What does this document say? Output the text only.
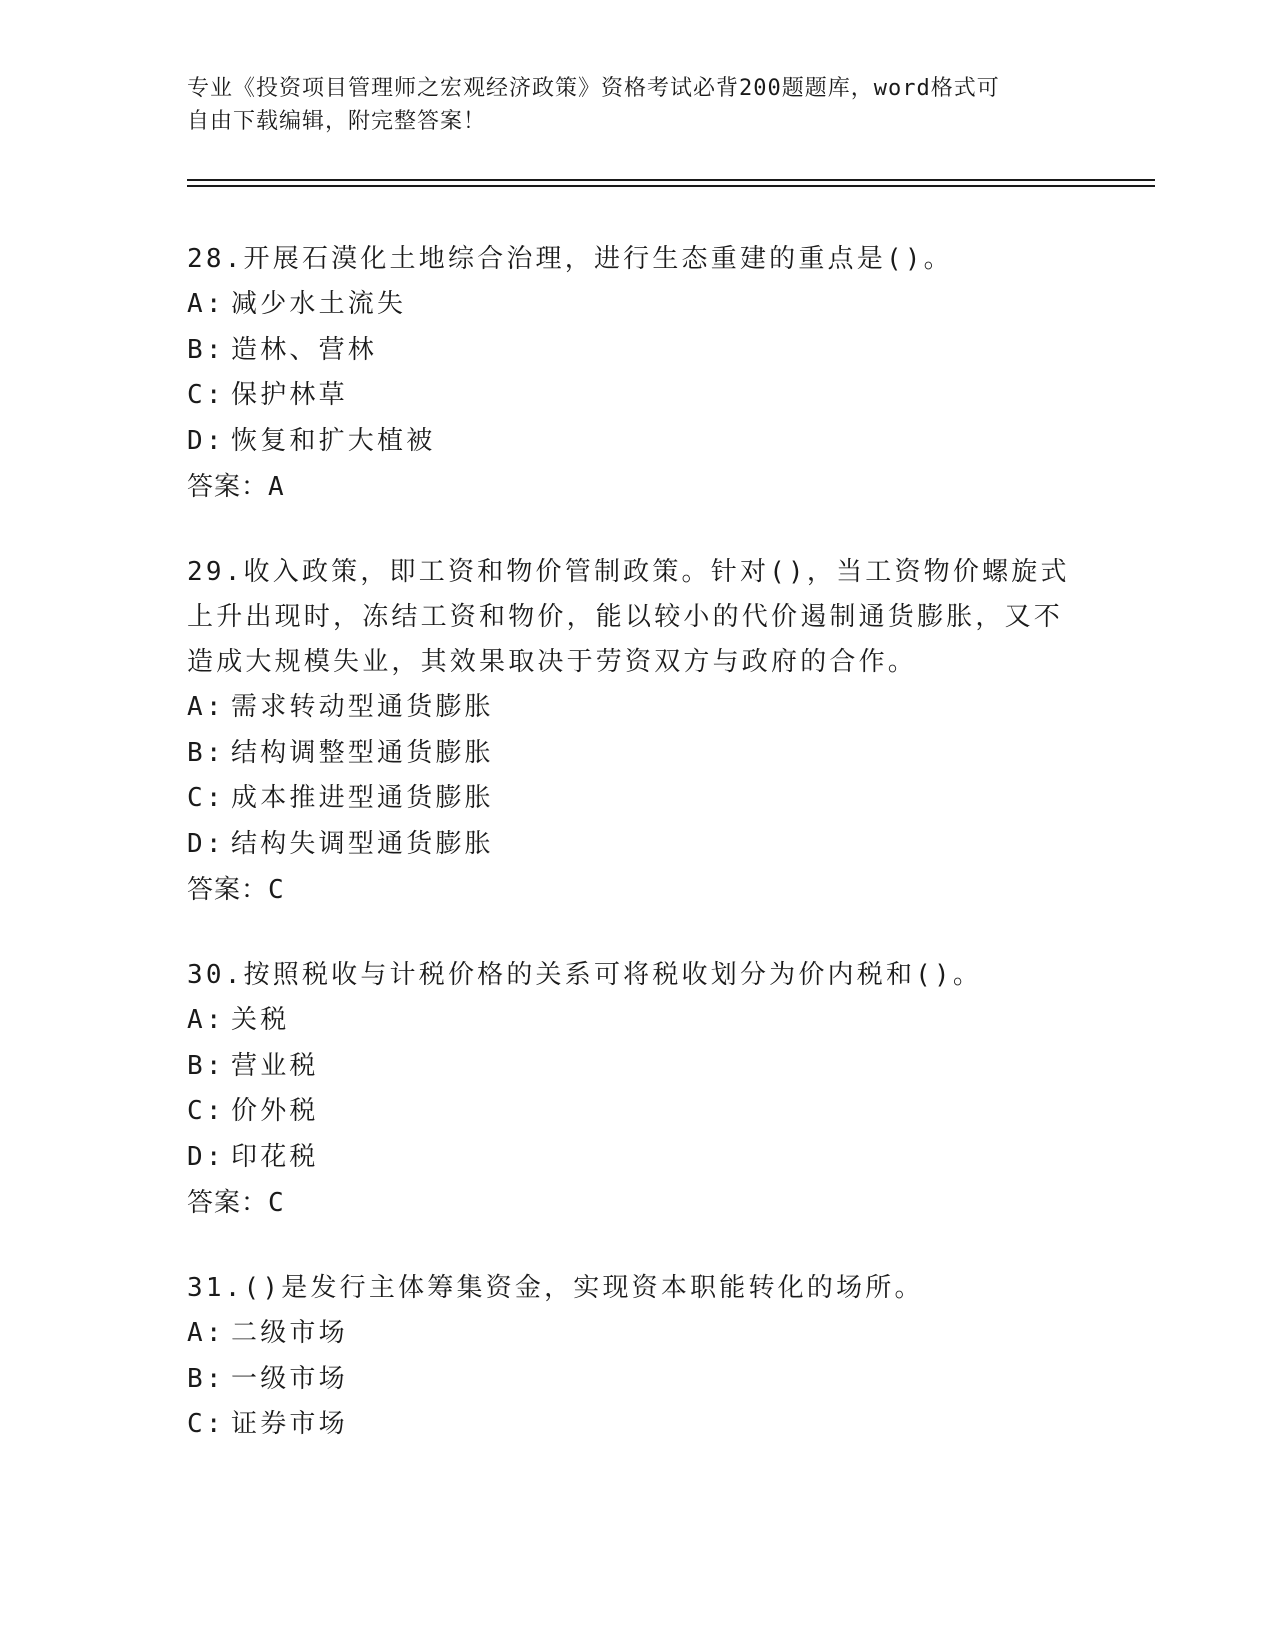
专业《投资项目管理师之宏观经济政策》资格考试必背200题题库，word格式可
自由下载编辑，附完整答案！

28.开展石漠化土地综合治理，进行生态重建的重点是()。

A: 减少水土流失
B: 造林、营林
C: 保护林草
D: 恢复和扩大植被
答案：A

29.收入政策，即工资和物价管制政策。针对()，当工资物价螺旋式上升出现时，冻结工资和物价，能以较小的代价遏制通货膨胀，又不造成大规模失业，其效果取决于劳资双方与政府的合作。

A: 需求转动型通货膨胀
B: 结构调整型通货膨胀
C: 成本推进型通货膨胀
D: 结构失调型通货膨胀
答案：C

30.按照税收与计税价格的关系可将税收划分为价内税和()。

A: 关税
B: 营业税
C: 价外税
D: 印花税
答案：C

31.()是发行主体筹集资金，实现资本职能转化的场所。

A: 二级市场
B: 一级市场
C: 证券市场
